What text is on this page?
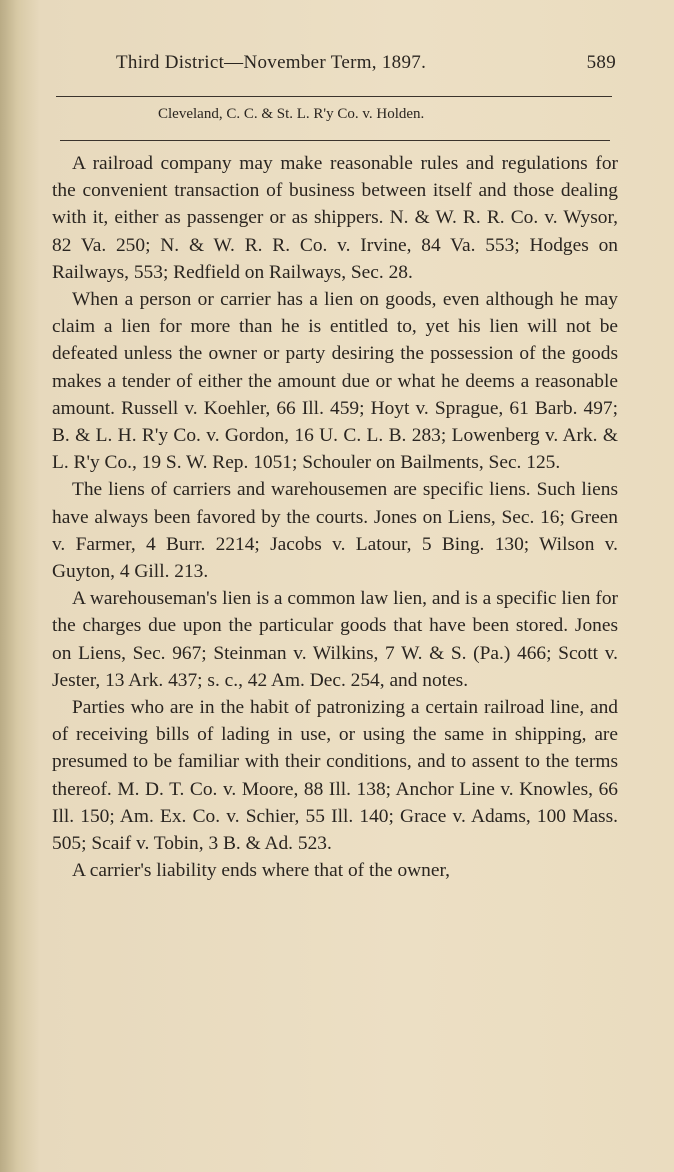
Third District—November Term, 1897.	589
Cleveland, C. C. & St. L. R'y Co. v. Holden.

A railroad company may make reasonable rules and regulations for the convenient transaction of business between itself and those dealing with it, either as passenger or as shippers. N. & W. R. R. Co. v. Wysor, 82 Va. 250; N. & W. R. R. Co. v. Irvine, 84 Va. 553; Hodges on Railways, 553; Redfield on Railways, Sec. 28.

When a person or carrier has a lien on goods, even although he may claim a lien for more than he is entitled to, yet his lien will not be defeated unless the owner or party desiring the possession of the goods makes a tender of either the amount due or what he deems a reasonable amount. Russell v. Koehler, 66 Ill. 459; Hoyt v. Sprague, 61 Barb. 497; B. & L. H. R'y Co. v. Gordon, 16 U. C. L. B. 283; Lowenberg v. Ark. & L. R'y Co., 19 S. W. Rep. 1051; Schouler on Bailments, Sec. 125.

The liens of carriers and warehousemen are specific liens. Such liens have always been favored by the courts. Jones on Liens, Sec. 16; Green v. Farmer, 4 Burr. 2214; Jacobs v. Latour, 5 Bing. 130; Wilson v. Guyton, 4 Gill. 213.

A warehouseman's lien is a common law lien, and is a specific lien for the charges due upon the particular goods that have been stored. Jones on Liens, Sec. 967; Steinman v. Wilkins, 7 W. & S. (Pa.) 466; Scott v. Jester, 13 Ark. 437; s. c., 42 Am. Dec. 254, and notes.

Parties who are in the habit of patronizing a certain railroad line, and of receiving bills of lading in use, or using the same in shipping, are presumed to be familiar with their conditions, and to assent to the terms thereof. M. D. T. Co. v. Moore, 88 Ill. 138; Anchor Line v. Knowles, 66 Ill. 150; Am. Ex. Co. v. Schier, 55 Ill. 140; Grace v. Adams, 100 Mass. 505; Scaif v. Tobin, 3 B. & Ad. 523.

A carrier's liability ends where that of the owner,
